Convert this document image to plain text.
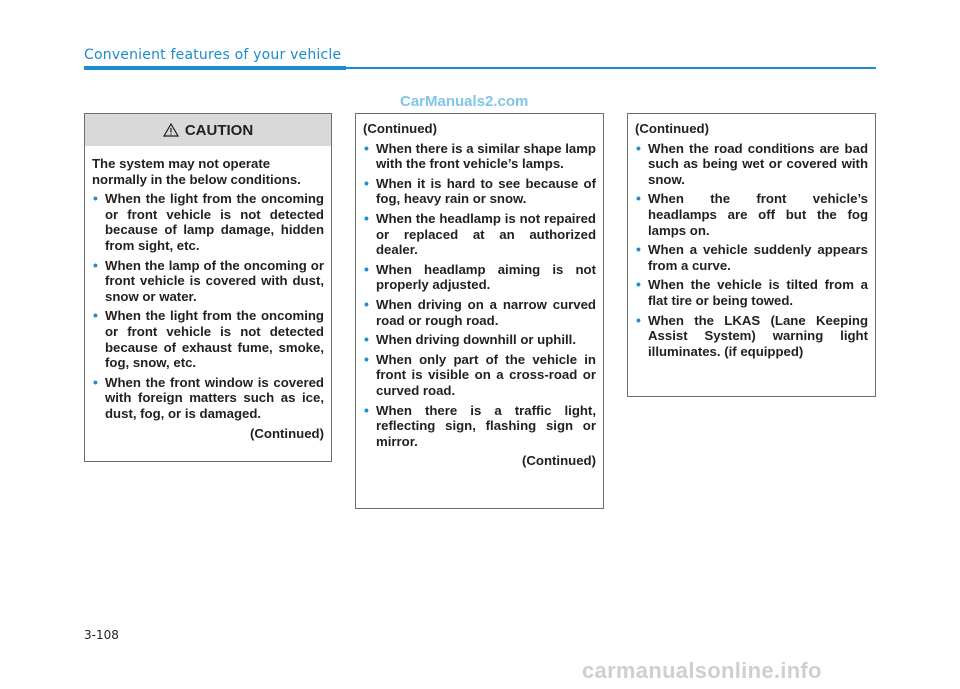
Convenient features of your vehicle
CarManuals2.com
CAUTION

The system may not operate normally in the below conditions.

• When the light from the oncoming or front vehicle is not detected because of lamp damage, hidden from sight, etc.
• When the lamp of the oncoming or front vehicle is covered with dust, snow or water.
• When the light from the oncoming or front vehicle is not detected because of exhaust fume, smoke, fog, snow, etc.
• When the front window is covered with foreign matters such as ice, dust, fog, or is damaged.
(Continued)

(Continued)

• When there is a similar shape lamp with the front vehicle’s lamps.
• When it is hard to see because of fog, heavy rain or snow.
• When the headlamp is not repaired or replaced at an authorized dealer.
• When headlamp aiming is not properly adjusted.
• When driving on a narrow curved road or rough road.
• When driving downhill or uphill.
• When only part of the vehicle in front is visible on a cross-road or curved road.
• When there is a traffic light, reflecting sign, flashing sign or mirror.
(Continued)

(Continued)

• When the road conditions are bad such as being wet or covered with snow.
• When the front vehicle’s headlamps are off but the fog lamps on.
• When a vehicle suddenly appears from a curve.
• When the vehicle is tilted from a flat tire or being towed.
• When the LKAS (Lane Keeping Assist System) warning light illuminates. (if equipped)
3-108
carmanualsonline.info
